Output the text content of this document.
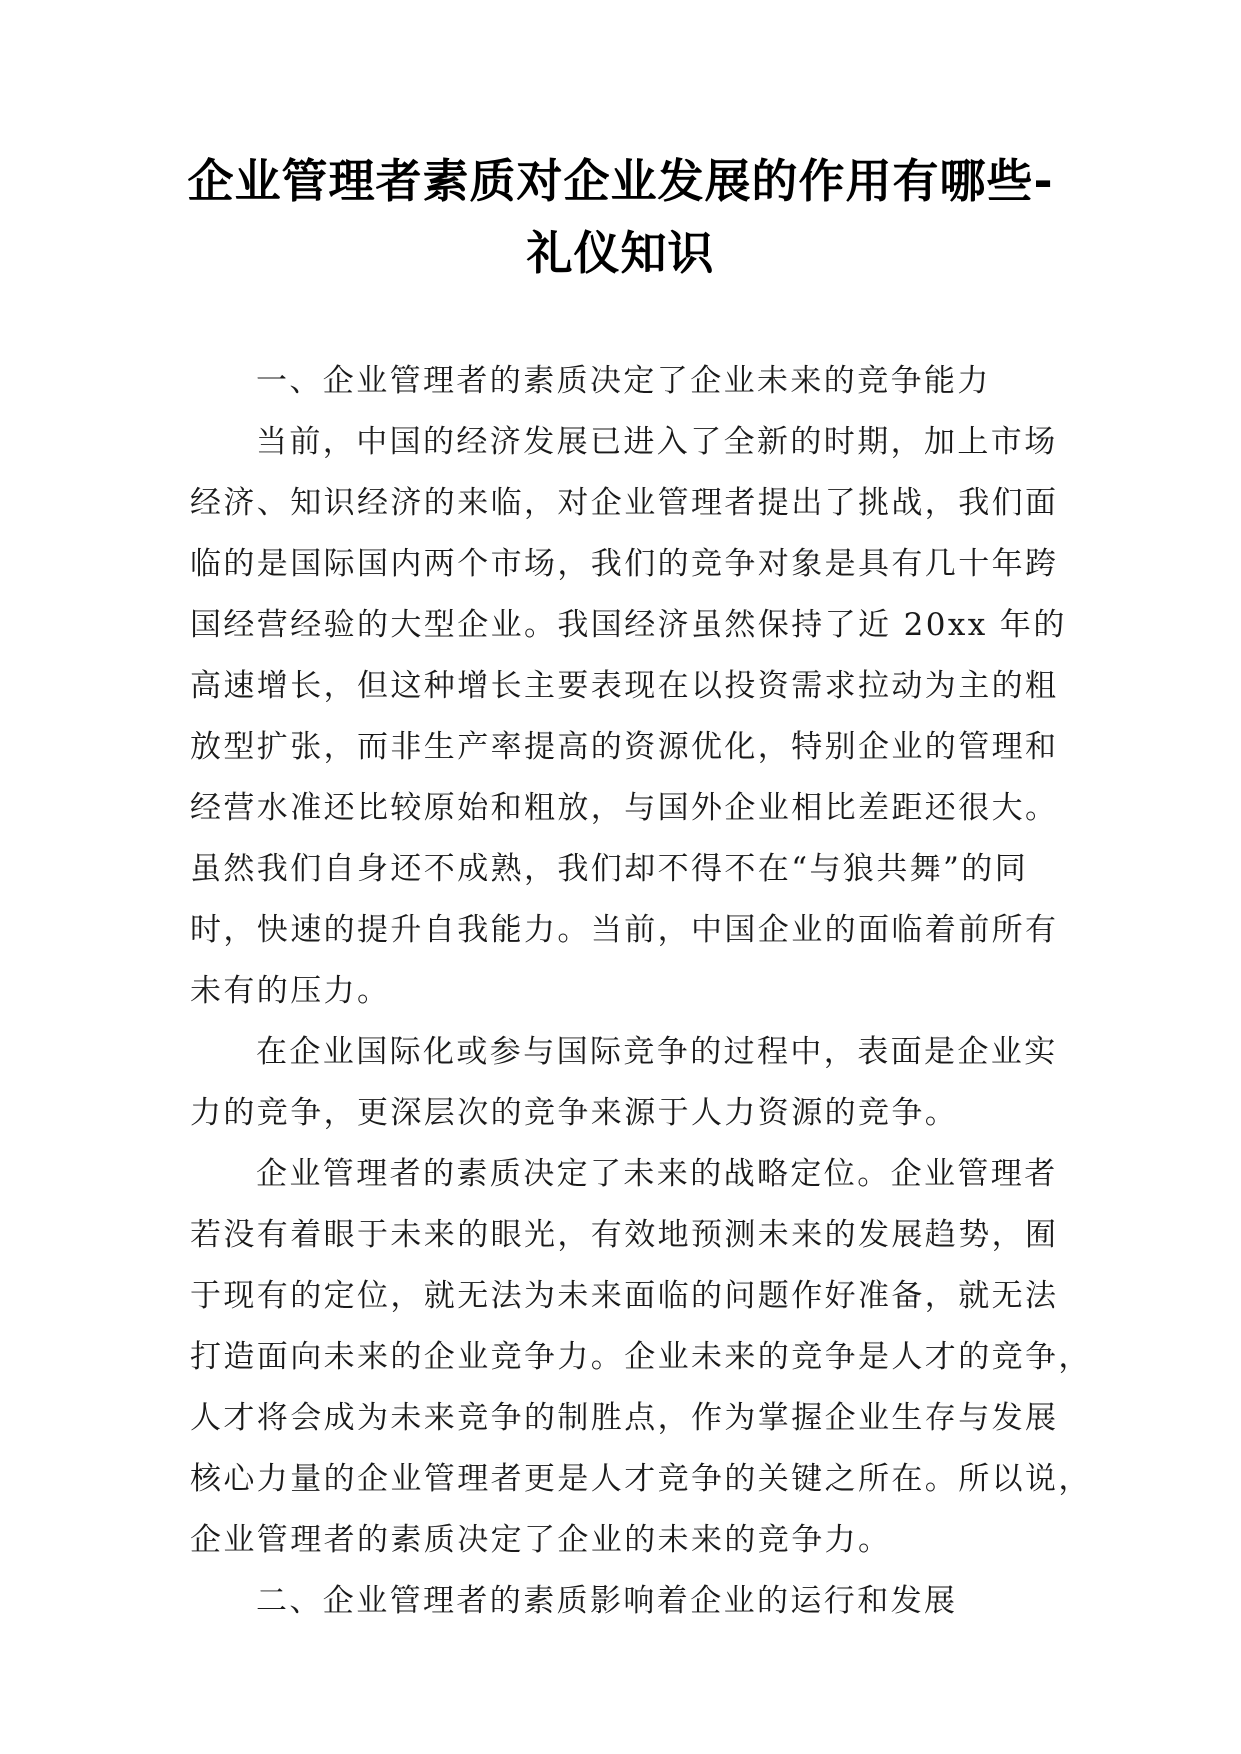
企业管理者素质对企业发展的作用有哪些-
礼仪知识
一、企业管理者的素质决定了企业未来的竞争能力
当前，中国的经济发展已进入了全新的时期，加上市场
经济、知识经济的来临，对企业管理者提出了挑战，我们面
临的是国际国内两个市场，我们的竞争对象是具有几十年跨
国经营经验的大型企业。我国经济虽然保持了近 20xx 年的
高速增长，但这种增长主要表现在以投资需求拉动为主的粗
放型扩张，而非生产率提高的资源优化，特别企业的管理和
经营水准还比较原始和粗放，与国外企业相比差距还很大。
虽然我们自身还不成熟，我们却不得不在“与狼共舞”的同
时，快速的提升自我能力。当前，中国企业的面临着前所有
未有的压力。
在企业国际化或参与国际竞争的过程中，表面是企业实
力的竞争，更深层次的竞争来源于人力资源的竞争。
企业管理者的素质决定了未来的战略定位。企业管理者
若没有着眼于未来的眼光，有效地预测未来的发展趋势，囿
于现有的定位，就无法为未来面临的问题作好准备，就无法
打造面向未来的企业竞争力。企业未来的竞争是人才的竞争，
人才将会成为未来竞争的制胜点，作为掌握企业生存与发展
核心力量的企业管理者更是人才竞争的关键之所在。所以说，
企业管理者的素质决定了企业的未来的竞争力。
二、企业管理者的素质影响着企业的运行和发展
